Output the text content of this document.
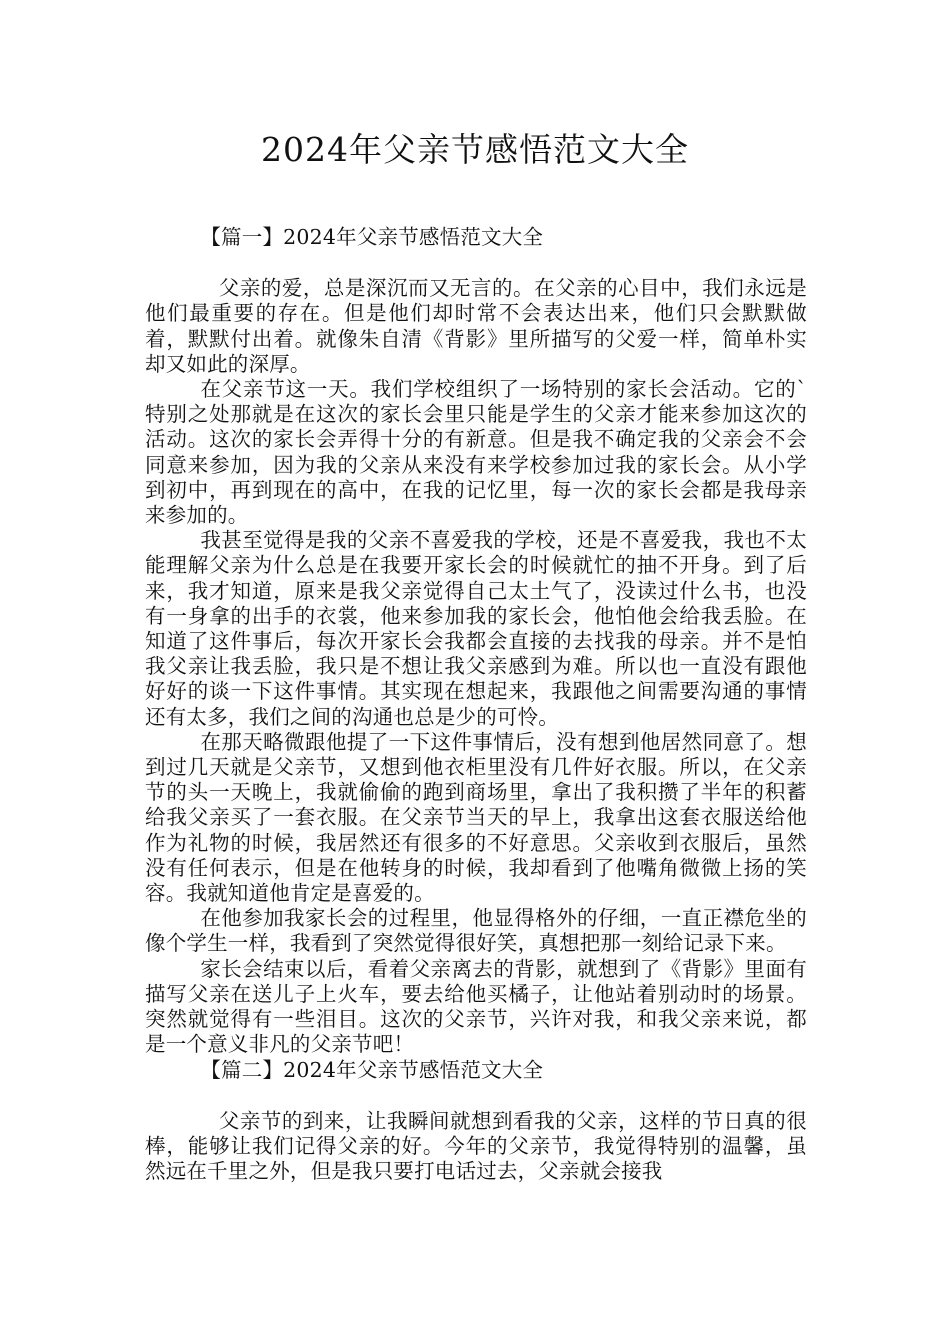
2024年父亲节感悟范文大全

【篇一】2024年父亲节感悟范文大全

父亲的爱，总是深沉而又无言的。在父亲的心目中，我们永远是他们最重要的存在。但是他们却时常不会表达出来，他们只会默默做着，默默付出着。就像朱自清《背影》里所描写的父爱一样，简单朴实却又如此的深厚。

在父亲节这一天。我们学校组织了一场特别的家长会活动。它的`特别之处那就是在这次的家长会里只能是学生的父亲才能来参加这次的活动。这次的家长会弄得十分的有新意。但是我不确定我的父亲会不会同意来参加，因为我的父亲从来没有来学校参加过我的家长会。从小学到初中，再到现在的高中，在我的记忆里，每一次的家长会都是我母亲来参加的。

我甚至觉得是我的父亲不喜爱我的学校，还是不喜爱我，我也不太能理解父亲为什么总是在我要开家长会的时候就忙的抽不开身。到了后来，我才知道，原来是我父亲觉得自己太土气了，没读过什么书，也没有一身拿的出手的衣裳，他来参加我的家长会，他怕他会给我丢脸。在知道了这件事后，每次开家长会我都会直接的去找我的母亲。并不是怕我父亲让我丢脸，我只是不想让我父亲感到为难。所以也一直没有跟他好好的谈一下这件事情。其实现在想起来，我跟他之间需要沟通的事情还有太多，我们之间的沟通也总是少的可怜。

在那天略微跟他提了一下这件事情后，没有想到他居然同意了。想到过几天就是父亲节，又想到他衣柜里没有几件好衣服。所以，在父亲节的头一天晚上，我就偷偷的跑到商场里，拿出了我积攒了半年的积蓄给我父亲买了一套衣服。在父亲节当天的早上，我拿出这套衣服送给他作为礼物的时候，我居然还有很多的不好意思。父亲收到衣服后，虽然没有任何表示，但是在他转身的时候，我却看到了他嘴角微微上扬的笑容。我就知道他肯定是喜爱的。

在他参加我家长会的过程里，他显得格外的仔细，一直正襟危坐的像个学生一样，我看到了突然觉得很好笑，真想把那一刻给记录下来。

家长会结束以后，看着父亲离去的背影，就想到了《背影》里面有描写父亲在送儿子上火车，要去给他买橘子，让他站着别动时的场景。突然就觉得有一些泪目。这次的父亲节，兴许对我，和我父亲来说，都是一个意义非凡的父亲节吧！

【篇二】2024年父亲节感悟范文大全

父亲节的到来，让我瞬间就想到看我的父亲，这样的节日真的很棒，能够让我们记得父亲的好。今年的父亲节，我觉得特别的温馨，虽然远在千里之外，但是我只要打电话过去，父亲就会接我
